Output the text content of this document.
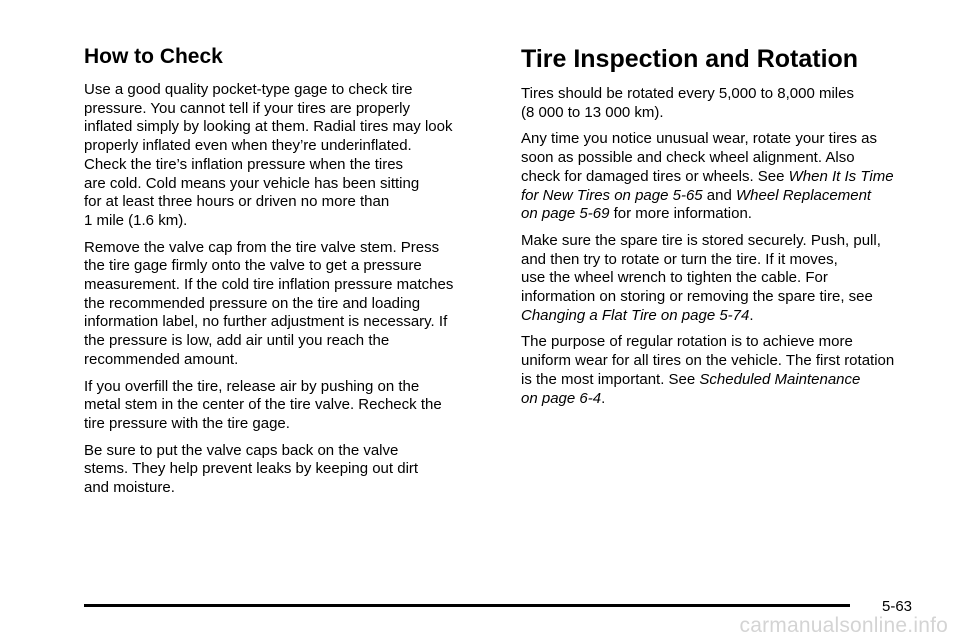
How to Check

Use a good quality pocket-type gage to check tire
pressure. You cannot tell if your tires are properly
inflated simply by looking at them. Radial tires may look
properly inflated even when they’re underinflated.
Check the tire’s inflation pressure when the tires
are cold. Cold means your vehicle has been sitting
for at least three hours or driven no more than
1 mile (1.6 km).

Remove the valve cap from the tire valve stem. Press
the tire gage firmly onto the valve to get a pressure
measurement. If the cold tire inflation pressure matches
the recommended pressure on the tire and loading
information label, no further adjustment is necessary. If
the pressure is low, add air until you reach the
recommended amount.

If you overfill the tire, release air by pushing on the
metal stem in the center of the tire valve. Recheck the
tire pressure with the tire gage.

Be sure to put the valve caps back on the valve
stems. They help prevent leaks by keeping out dirt
and moisture.

Tire Inspection and Rotation

Tires should be rotated every 5,000 to 8,000 miles
(8 000 to 13 000 km).

Any time you notice unusual wear, rotate your tires as
soon as possible and check wheel alignment. Also
check for damaged tires or wheels. See When It Is Time
for New Tires on page 5-65 and Wheel Replacement
on page 5-69 for more information.

Make sure the spare tire is stored securely. Push, pull,
and then try to rotate or turn the tire. If it moves,
use the wheel wrench to tighten the cable. For
information on storing or removing the spare tire, see
Changing a Flat Tire on page 5-74.

The purpose of regular rotation is to achieve more
uniform wear for all tires on the vehicle. The first rotation
is the most important. See Scheduled Maintenance
on page 6-4.

5-63
carmanualsonline.info
